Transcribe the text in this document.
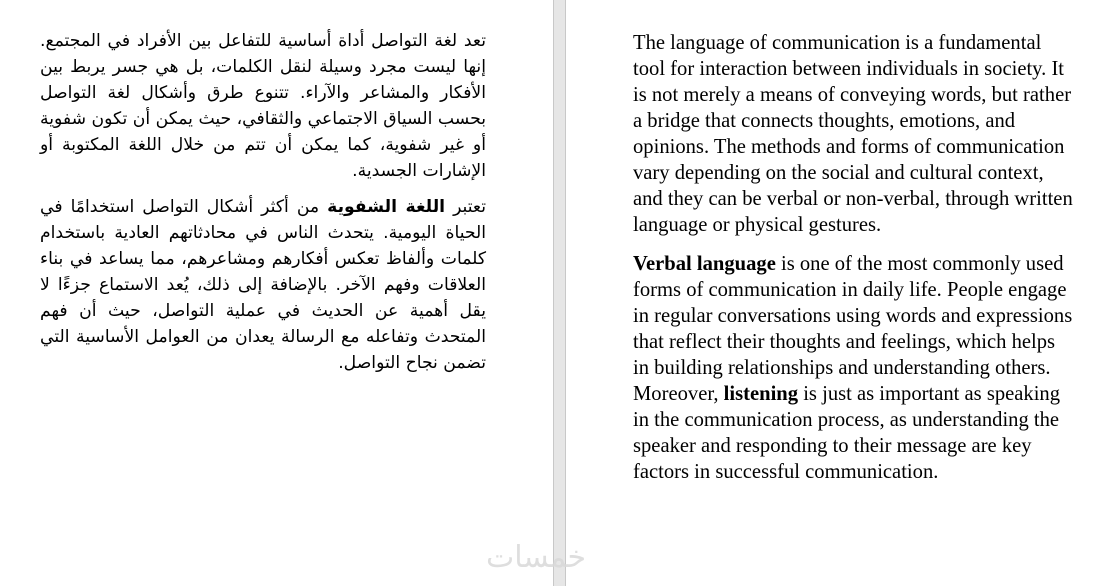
تعد لغة التواصل أداة أساسية للتفاعل بين الأفراد في المجتمع. إنها ليست مجرد وسيلة لنقل الكلمات، بل هي جسر يربط بين الأفكار والمشاعر والآراء. تتنوع طرق وأشكال لغة التواصل بحسب السياق الاجتماعي والثقافي، حيث يمكن أن تكون شفوية أو غير شفوية، كما يمكن أن تتم من خلال اللغة المكتوبة أو الإشارات الجسدية.

تعتبر اللغة الشفوية من أكثر أشكال التواصل استخدامًا في الحياة اليومية. يتحدث الناس في محادثاتهم العادية باستخدام كلمات وألفاظ تعكس أفكارهم ومشاعرهم، مما يساعد في بناء العلاقات وفهم الآخر. بالإضافة إلى ذلك، يُعد الاستماع جزءًا لا يقل أهمية عن الحديث في عملية التواصل، حيث أن فهم المتحدث وتفاعله مع الرسالة يعدان من العوامل الأساسية التي تضمن نجاح التواصل.

The language of communication is a fundamental tool for interaction between individuals in society. It is not merely a means of conveying words, but rather a bridge that connects thoughts, emotions, and opinions. The methods and forms of communication vary depending on the social and cultural context, and they can be verbal or non-verbal, through written language or physical gestures.

Verbal language is one of the most commonly used forms of communication in daily life. People engage in regular conversations using words and expressions that reflect their thoughts and feelings, which helps in building relationships and understanding others. Moreover, listening is just as important as speaking in the communication process, as understanding the speaker and responding to their message are key factors in successful communication.

خمسات
